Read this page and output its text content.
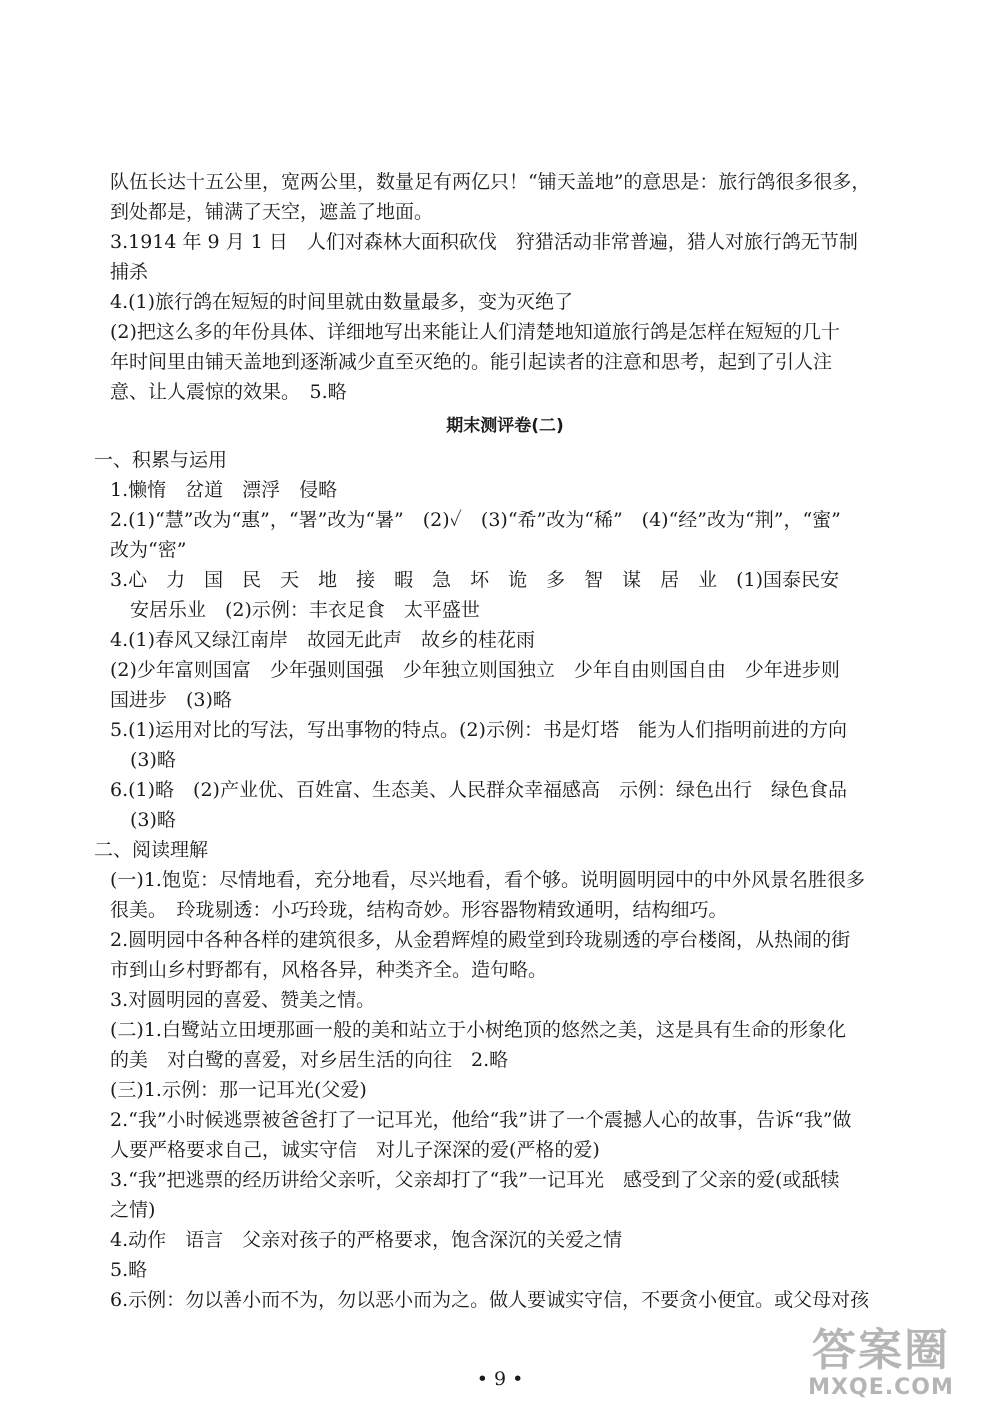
队伍长达十五公里，宽两公里，数量足有两亿只！“铺天盖地”的意思是：旅行鸽很多很多，
到处都是，铺满了天空，遮盖了地面。
3.1914 年 9 月 1 日　人们对森林大面积砍伐　狩猎活动非常普遍，猎人对旅行鸽无节制
捕杀
4.(1)旅行鸽在短短的时间里就由数量最多，变为灭绝了
(2)把这么多的年份具体、详细地写出来能让人们清楚地知道旅行鸽是怎样在短短的几十
年时间里由铺天盖地到逐渐减少直至灭绝的。能引起读者的注意和思考，起到了引人注
意、让人震惊的效果。　5.略
期末测评卷(二)
一、积累与运用
1.懒惰　岔道　漂浮　侵略
2.(1)“慧”改为“惠”，“署”改为“暑”　(2)✓　(3)“希”改为“稀”　(4)“经”改为“荆”，“蜜”
改为“密”
3.心　力　国　民　天　地　接　暇　急　坏　诡　多　智　谋　居　业　(1)国泰民安
安居乐业　(2)示例：丰衣足食　太平盛世
4.(1)春风又绿江南岸　故园无此声　故乡的桂花雨
(2)少年富则国富　少年强则国强　少年独立则国独立　少年自由则国自由　少年进步则
国进步　(3)略
5.(1)运用对比的写法，写出事物的特点。(2)示例：书是灯塔　能为人们指明前进的方向
(3)略
6.(1)略　(2)产业优、百姓富、生态美、人民群众幸福感高　示例：绿色出行　绿色食品
(3)略
二、阅读理解
(一)1.饱览：尽情地看，充分地看，尽兴地看，看个够。说明圆明园中的中外风景名胜很多
很美。　玲珑剔透：小巧玲珑，结构奇妙。形容器物精致通明，结构细巧。
2.圆明园中各种各样的建筑很多，从金碧辉煌的殿堂到玲珑剔透的亭台楼阁，从热闹的街
市到山乡村野都有，风格各异，种类齐全。造句略。
3.对圆明园的喜爱、赞美之情。
(二)1.白鹭站立田埂那画一般的美和站立于小树绝顶的悠然之美，这是具有生命的形象化
的美　对白鹭的喜爱，对乡居生活的向往　2.略
(三)1.示例：那一记耳光(父爱)
2.“我”小时候逃票被爸爸打了一记耳光，他给“我”讲了一个震撼人心的故事，告诉“我”做
人要严格要求自己，诚实守信　对儿子深深的爱(严格的爱)
3.“我”把逃票的经历讲给父亲听，父亲却打了“我”一记耳光　感受到了父亲的爱(或舐犊
之情)
4.动作　语言　父亲对孩子的严格要求，饱含深沉的关爱之情
5.略
6.示例：勿以善小而不为，勿以恶小而为之。做人要诚实守信，不要贪小便宜。或父母对孩
• 9 •
答案圈
MXQE.COM
